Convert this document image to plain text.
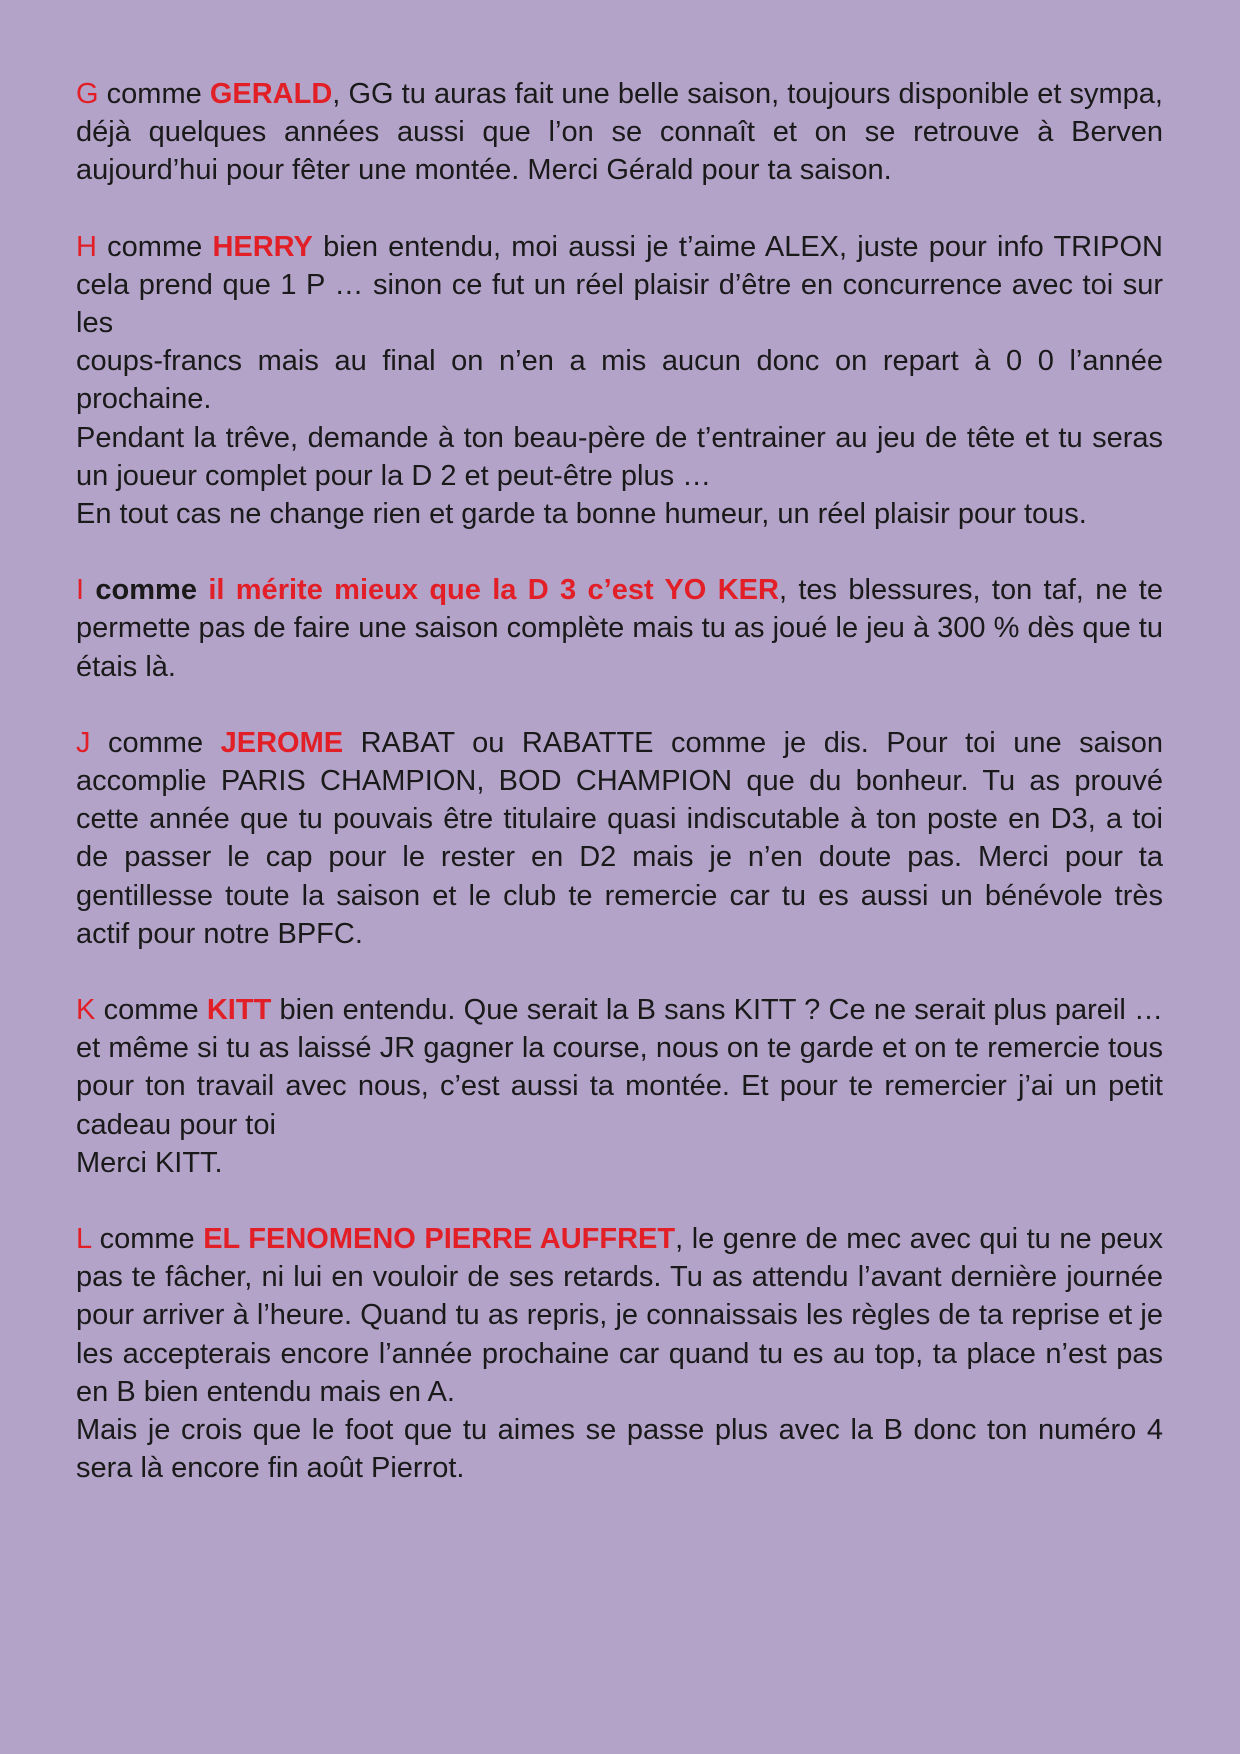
G comme GERALD, GG tu auras fait une belle saison, toujours disponible et sympa, déjà quelques années aussi que l’on se connaît et on se retrouve à Berven aujourd’hui pour fêter une montée. Merci Gérald pour ta saison.

H comme HERRY bien entendu, moi aussi je t’aime ALEX, juste pour info TRIPON cela prend que 1 P … sinon ce fut un réel plaisir d’être en concurrence avec toi sur les

coups-francs mais au final on n’en a mis aucun donc on repart à 0 0 l’année prochaine.

Pendant la trêve, demande à ton beau-père de t’entrainer au jeu de tête et tu seras un joueur complet pour la D 2 et peut-être plus …

En tout cas ne change rien et garde ta bonne humeur, un réel plaisir pour tous.

I comme il mérite mieux que la D 3 c’est YO KER, tes blessures, ton taf, ne te permette pas de faire une saison complète mais tu as joué le jeu à 300 % dès que tu étais là.

J comme JEROME RABAT ou RABATTE comme je dis. Pour toi une saison accomplie PARIS CHAMPION, BOD CHAMPION que du bonheur. Tu as prouvé cette année que tu pouvais être titulaire quasi indiscutable à ton poste en D3, a toi de passer le cap pour le rester en D2 mais je n’en doute pas. Merci pour ta gentillesse toute la saison et le club te remercie car tu es aussi un bénévole très actif pour notre BPFC.

K comme KITT bien entendu. Que serait la B sans KITT ? Ce ne serait plus pareil … et même si tu as laissé JR gagner la course, nous on te garde et on te remercie tous pour ton travail avec nous, c’est aussi ta montée. Et pour te remercier j’ai un petit cadeau pour toi

Merci KITT.

L comme EL FENOMENO PIERRE AUFFRET, le genre de mec avec qui tu ne peux pas te fâcher, ni lui en vouloir de ses retards. Tu as attendu l’avant dernière journée pour arriver à l’heure. Quand tu as repris, je connaissais les règles de ta reprise et je les accepterais encore l’année prochaine car quand tu es au top, ta place n’est pas en B bien entendu mais en A.

Mais je crois que le foot que tu aimes se passe plus avec la B donc ton numéro 4 sera là encore fin août Pierrot.
